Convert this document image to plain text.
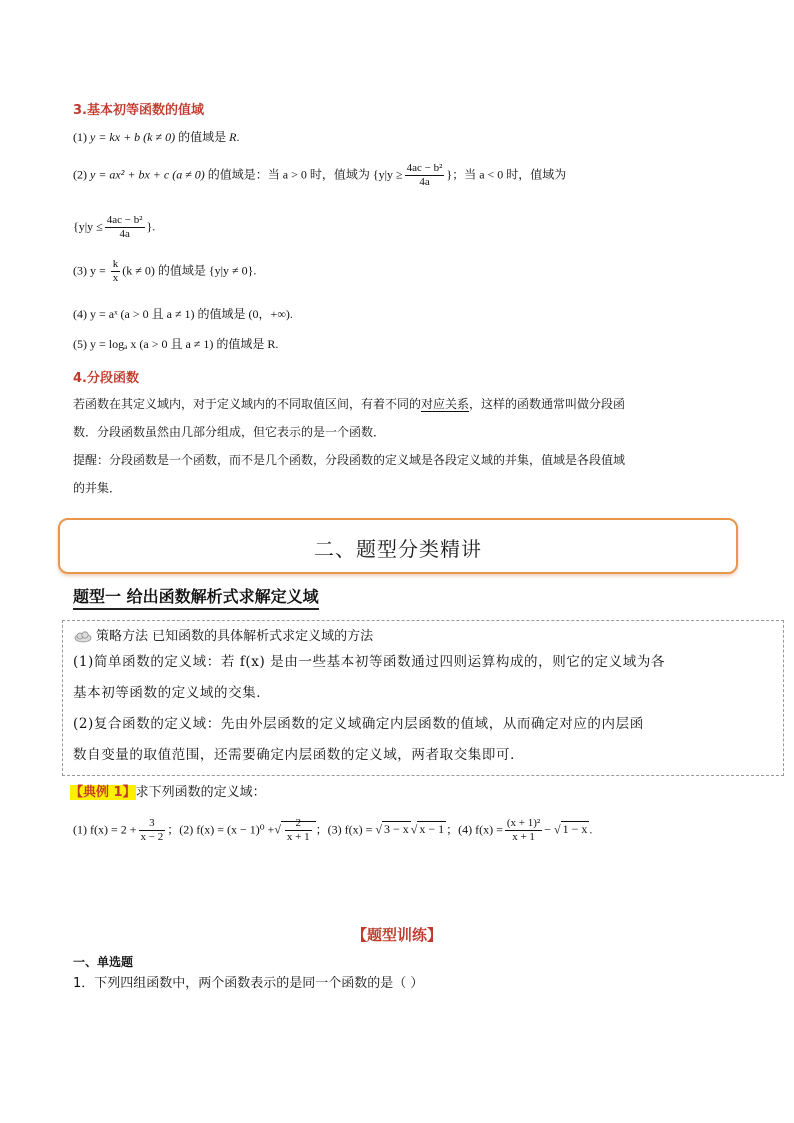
3.基本初等函数的值域
(1) y = kx + b (k ≠ 0) 的值域是 R.
(2) y = ax² + bx + c (a ≠ 0) 的值域是：当 a > 0 时，值域为 {$y|y \ge \frac{\text{4ac − b²}}{4a}$ }；当 a < 0 时，值域为
{$y|y \le \frac{\text{4ac − b²}}{4a}$ }.
(3) $y = \frac{k}{x} (k \ne 0)$ 的值域是 {y|y ≠ 0}.
(4) y = aˣ (a > 0 且 a ≠ 1) 的值域是 (0，+∞).
(5) y = logₐ x (a > 0 且 a ≠ 1) 的值域是 R.
4.分段函数
若函数在其定义域内，对于定义域内的不同取值区间，有着不同的对应关系，这样的函数通常叫做分段函
数．分段函数虽然由几部分组成，但它表示的是一个函数．
提醒：分段函数是一个函数，而不是几个函数，分段函数的定义域是各段定义域的并集，值域是各段值域
的并集．
二、题型分类精讲
题型一 给出函数解析式求解定义域
策略方法 已知函数的具体解析式求定义域的方法
(1)简单函数的定义域：若 f(x) 是由一些基本初等函数通过四则运算构成的，则它的定义域为各
基本初等函数的定义域的交集．
(2)复合函数的定义域：先由外层函数的定义域确定内层函数的值域，从而确定对应的内层函
数自变量的取值范围，还需要确定内层函数的定义域，两者取交集即可．
【典例 1】求下列函数的定义域：
(1) $f(x) = 2 + \frac{3}{x - 2}$ ；(2) f(x) = (x − 1)⁰ +√ $\frac{2}{x + 1}$ ；(3) f(x) = √ 3 − x √ x − 1 ；(4) $f(x) = \frac{\text{(x + 1)²}}{x + 1}$ − √ 1 − x .
【题型训练】
一、单选题
1．下列四组函数中，两个函数表示的是同一个函数的是（ ）
